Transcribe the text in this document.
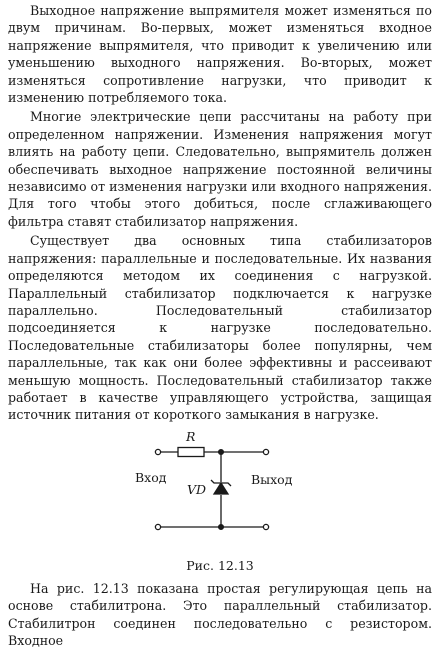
Выходное напряжение выпрямителя может изменяться по двум причинам. Во-первых, может изменяться входное напряжение выпрямителя, что приводит к увеличению или уменьшению выходного напряжения. Во-вторых, может изменяться сопротивление нагрузки, что приводит к изменению потребляемого тока.

Многие электрические цепи рассчитаны на работу при определенном напряжении. Изменения напряжения могут влиять на работу цепи. Следовательно, выпрямитель должен обеспечивать выходное напряжение постоянной величины независимо от изменения нагрузки или входного напряжения. Для того чтобы этого добиться, после сглаживающего фильтра ставят стабилизатор напряжения.

Существует два основных типа стабилизаторов напряжения: параллельные и последовательные. Их названия определяются методом их соединения с нагрузкой. Параллельный стабилизатор подключается к нагрузке параллельно. Последовательный стабилизатор подсоединяется к нагрузке последовательно. Последовательные стабилизаторы более популярны, чем параллельные, так как они более эффективны и рассеивают меньшую мощность. Последовательный стабилизатор также работает в качестве управляющего устройства, защищая источник питания от короткого замыкания в нагрузке.

R
VD
Вход	Выход
Рис. 12.13

На рис. 12.13 показана простая регулирующая цепь на основе стабилитрона. Это параллельный стабилизатор. Стабилитрон соединен последовательно с резистором. Входное
